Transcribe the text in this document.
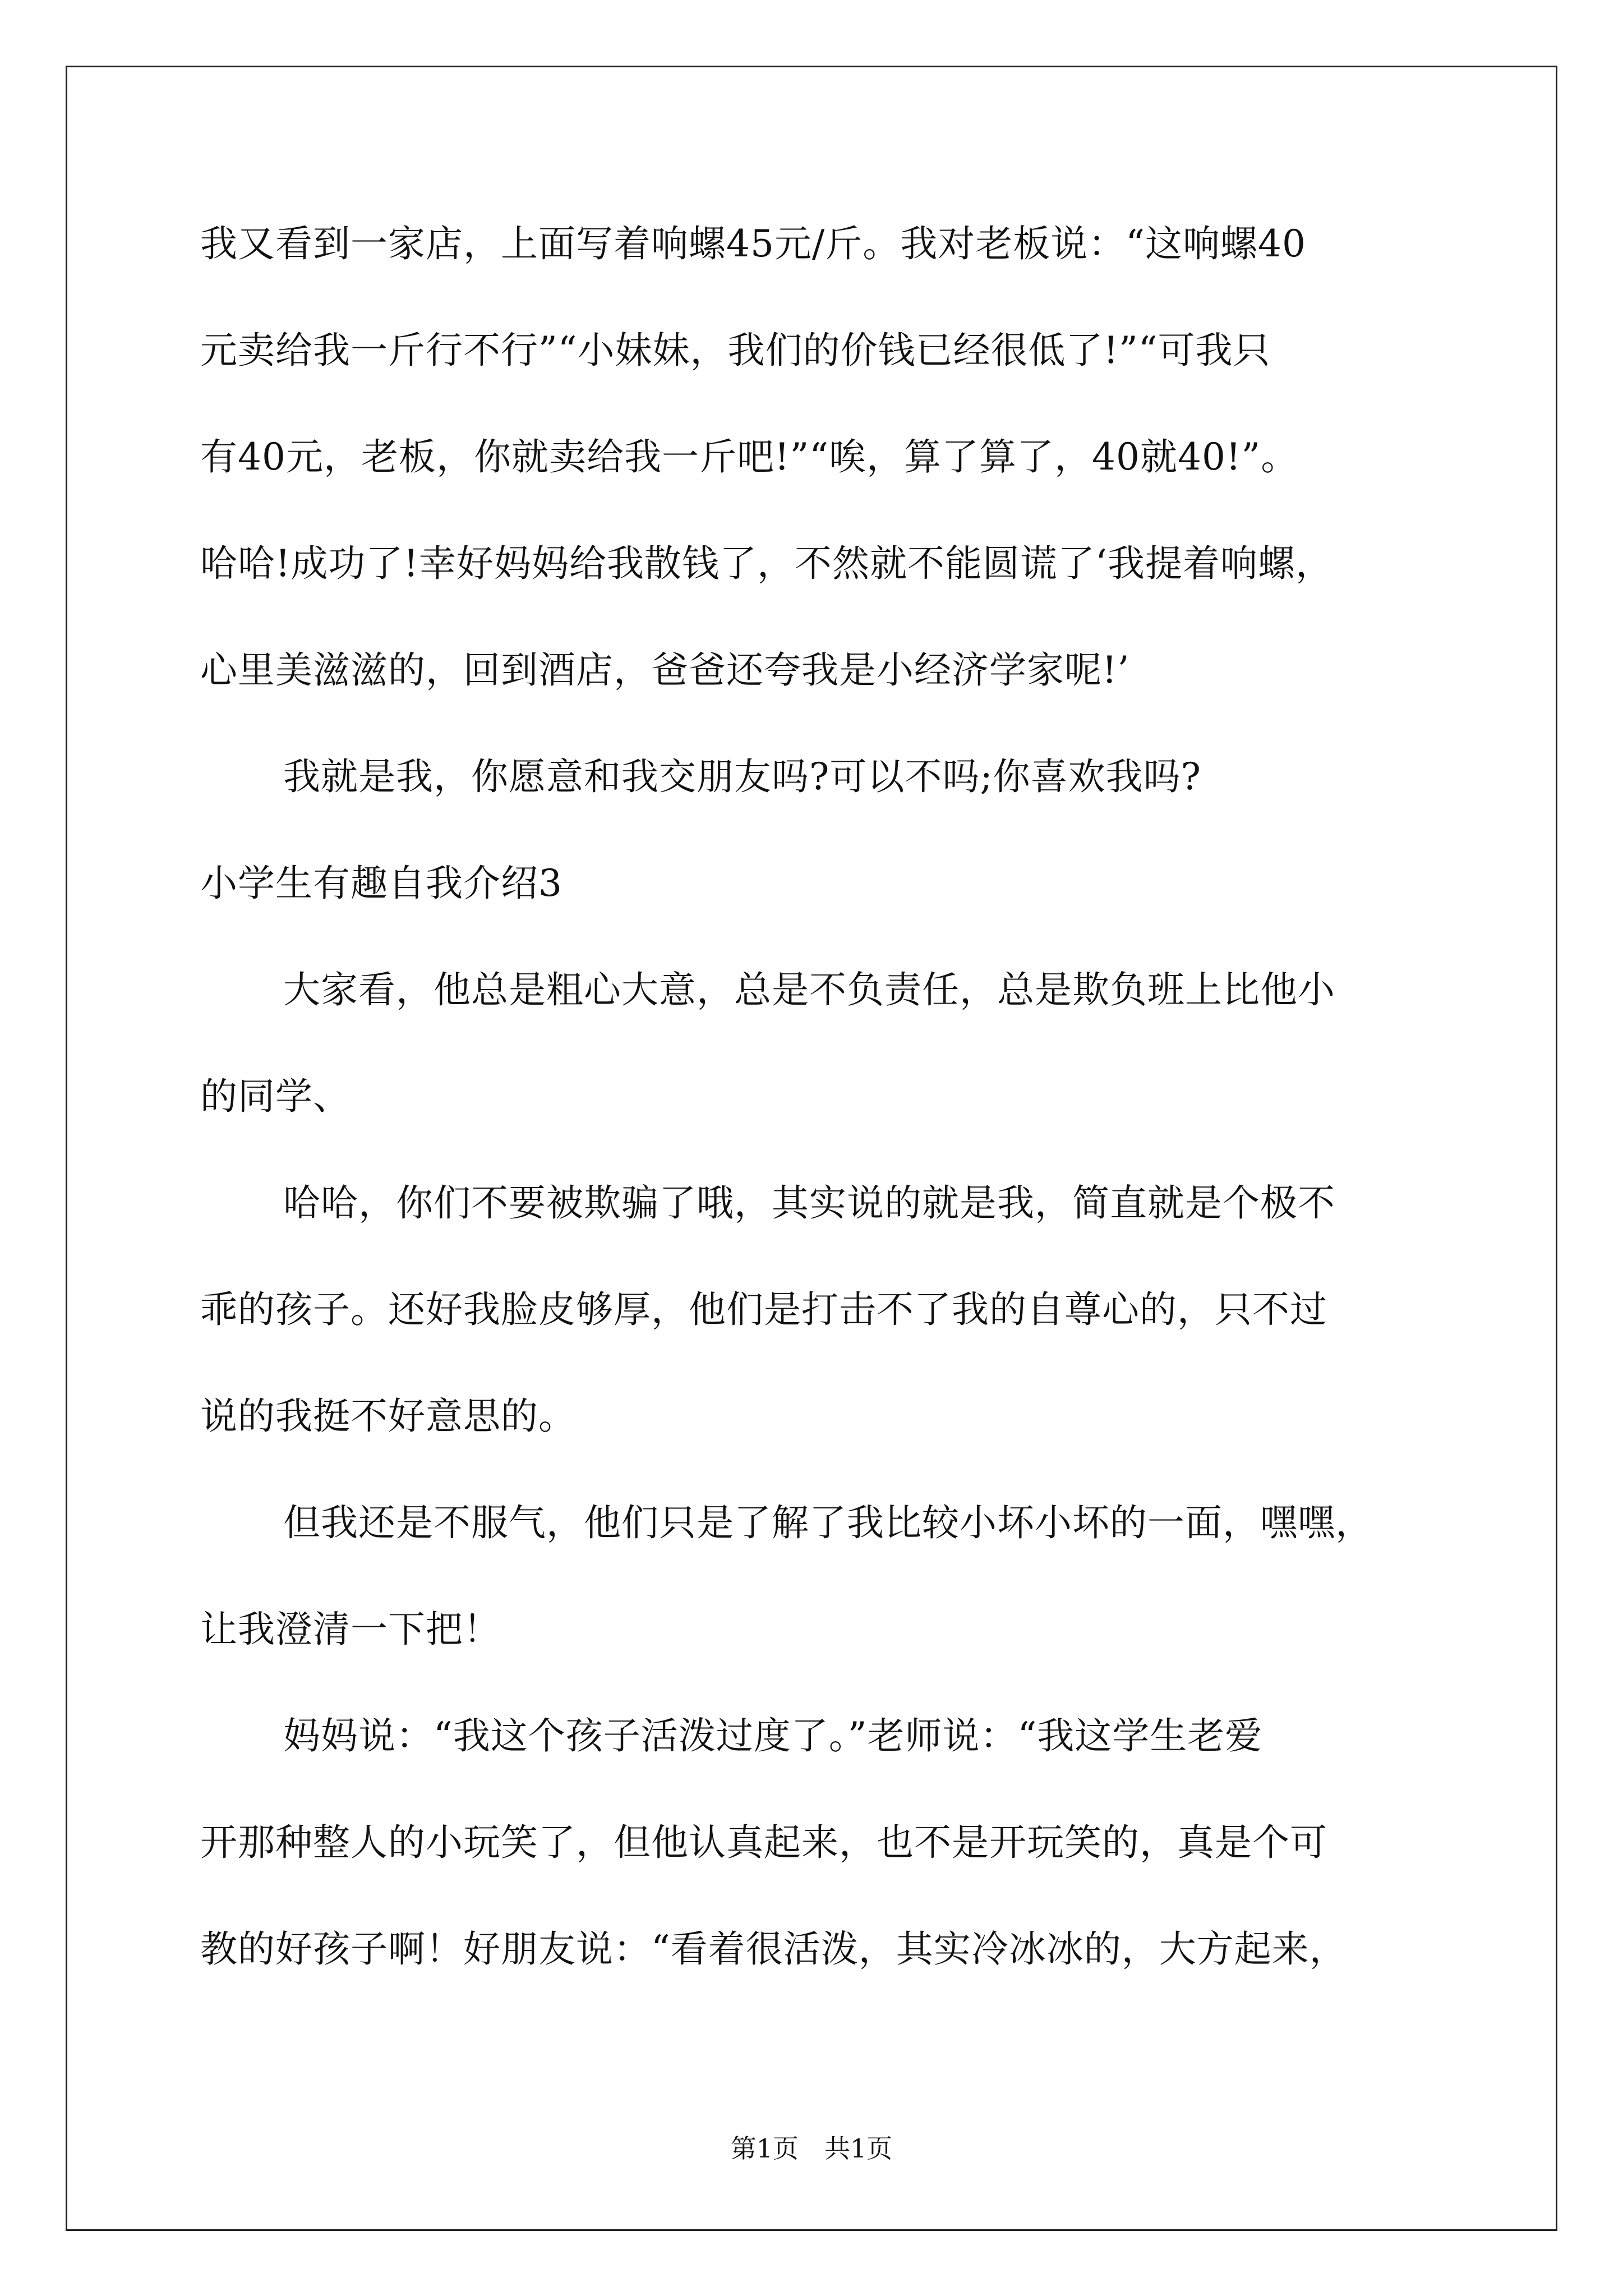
我又看到一家店，上面写着响螺45元/斤。我对老板说：“这响螺40
元卖给我一斤行不行”“小妹妹，我们的价钱已经很低了!”“可我只
有40元，老板，你就卖给我一斤吧!”“唉，算了算了，40就40!”。
哈哈!成功了!幸好妈妈给我散钱了，不然就不能圆谎了‘我提着响螺，
心里美滋滋的，回到酒店，爸爸还夸我是小经济学家呢!’
我就是我，你愿意和我交朋友吗?可以不吗;你喜欢我吗?
小学生有趣自我介绍3
大家看，他总是粗心大意，总是不负责任，总是欺负班上比他小
的同学、
哈哈，你们不要被欺骗了哦，其实说的就是我，简直就是个极不
乖的孩子。还好我脸皮够厚，他们是打击不了我的自尊心的，只不过
说的我挺不好意思的。
但我还是不服气，他们只是了解了我比较小坏小坏的一面，嘿嘿，
让我澄清一下把！
妈妈说：“我这个孩子活泼过度了。”老师说：“我这学生老爱
开那种整人的小玩笑了，但他认真起来，也不是开玩笑的，真是个可
教的好孩子啊！好朋友说：“看着很活泼，其实冷冰冰的，大方起来，
第1页　共1页
